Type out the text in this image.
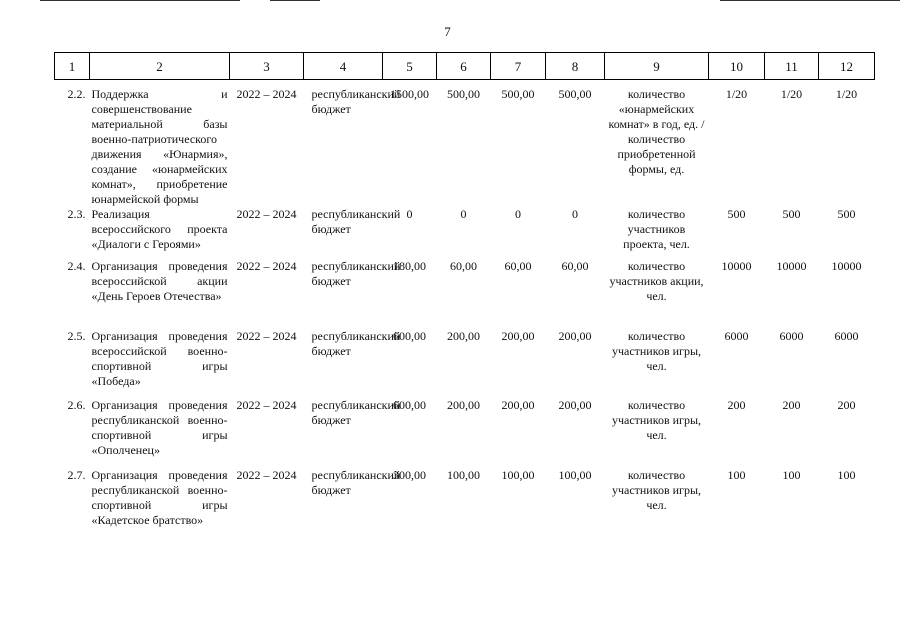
7
1	2	3	4	5	6	7	8	9	10	11	12
2.2.	Поддержка и совершенствование материальной базы военно-патриотического движения «Юнармия», создание «юнармейских комнат», приобретение юнармейской формы	2022 – 2024	республиканский бюджет	1500,00	500,00	500,00	500,00	количество «юнармейских комнат» в год, ед. / количество приобретенной формы, ед.	1/20	1/20	1/20
2.3.	Реализация всероссийского проекта «Диалоги с Героями»	2022 – 2024	республиканский бюджет	0	0	0	0	количество участников проекта, чел.	500	500	500
2.4.	Организация проведения всероссийской акции «День Героев Отечества»	2022 – 2024	республиканский бюджет	180,00	60,00	60,00	60,00	количество участников акции, чел.	10000	10000	10000
2.5.	Организация проведения всероссийской военно-спортивной игры «Победа»	2022 – 2024	республиканский бюджет	600,00	200,00	200,00	200,00	количество участников игры, чел.	6000	6000	6000
2.6.	Организация проведения республиканской военно-спортивной игры «Ополченец»	2022 – 2024	республиканский бюджет	600,00	200,00	200,00	200,00	количество участников игры, чел.	200	200	200
2.7.	Организация проведения республиканской военно-спортивной игры «Кадетское братство»	2022 – 2024	республиканский бюджет	300,00	100,00	100,00	100,00	количество участников игры, чел.	100	100	100
